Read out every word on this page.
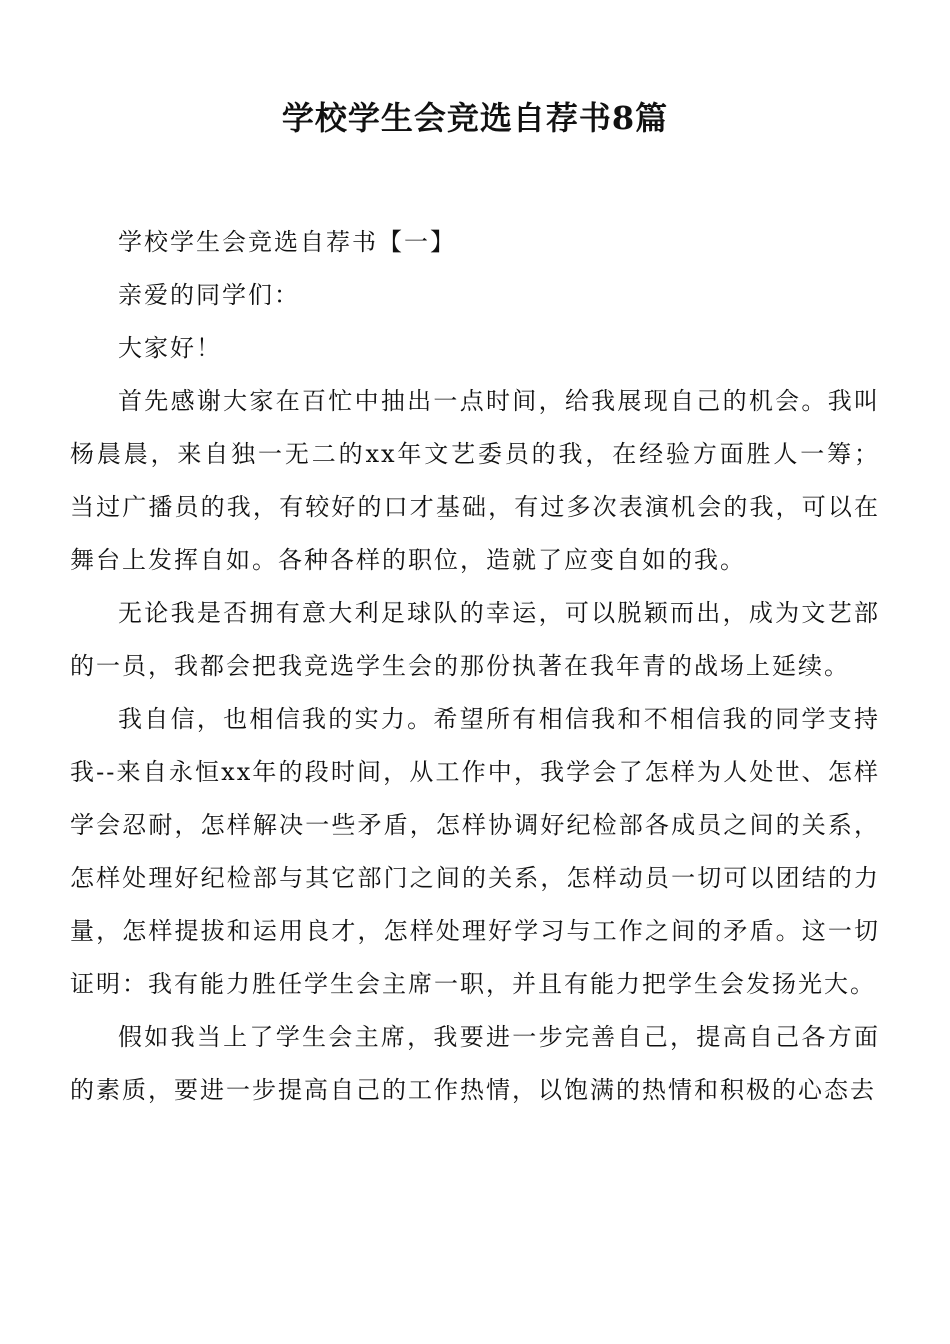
学校学生会竞选自荐书8篇

学校学生会竞选自荐书【一】

亲爱的同学们：

大家好！

首先感谢大家在百忙中抽出一点时间，给我展现自己的机会。我叫杨晨晨，来自独一无二的xx年文艺委员的我，在经验方面胜人一筹；当过广播员的我，有较好的口才基础，有过多次表演机会的我，可以在舞台上发挥自如。各种各样的职位，造就了应变自如的我。

无论我是否拥有意大利足球队的幸运，可以脱颖而出，成为文艺部的一员，我都会把我竞选学生会的那份执著在我年青的战场上延续。

我自信，也相信我的实力。希望所有相信我和不相信我的同学支持我--来自永恒xx年的段时间，从工作中，我学会了怎样为人处世、怎样学会忍耐，怎样解决一些矛盾，怎样协调好纪检部各成员之间的关系，怎样处理好纪检部与其它部门之间的关系，怎样动员一切可以团结的力量，怎样提拔和运用良才，怎样处理好学习与工作之间的矛盾。这一切证明：我有能力胜任学生会主席一职，并且有能力把学生会发扬光大。

假如我当上了学生会主席，我要进一步完善自己，提高自己各方面的素质，要进一步提高自己的工作热情，以饱满的热情和积极的心态去
